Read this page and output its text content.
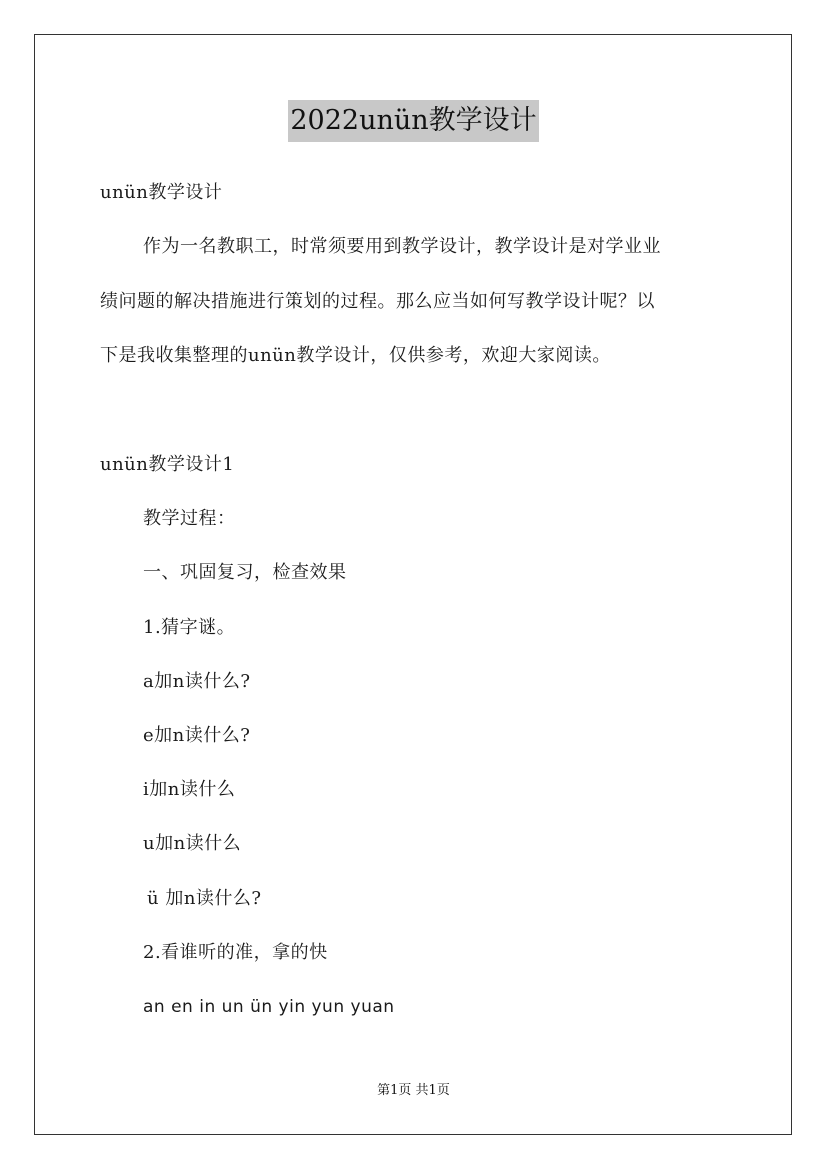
2022unün教学设计
unün教学设计
作为一名教职工，时常须要用到教学设计，教学设计是对学业业
绩问题的解决措施进行策划的过程。那么应当如何写教学设计呢？以
下是我收集整理的unün教学设计，仅供参考，欢迎大家阅读。
unün教学设计1
教学过程：
一、巩固复习，检查效果
1.猜字谜。
a加n读什么?
e加n读什么?
i加n读什么
u加n读什么
ü 加n读什么?
2.看谁听的准，拿的快
an en in un ün yin yun yuan
第1页 共1页
